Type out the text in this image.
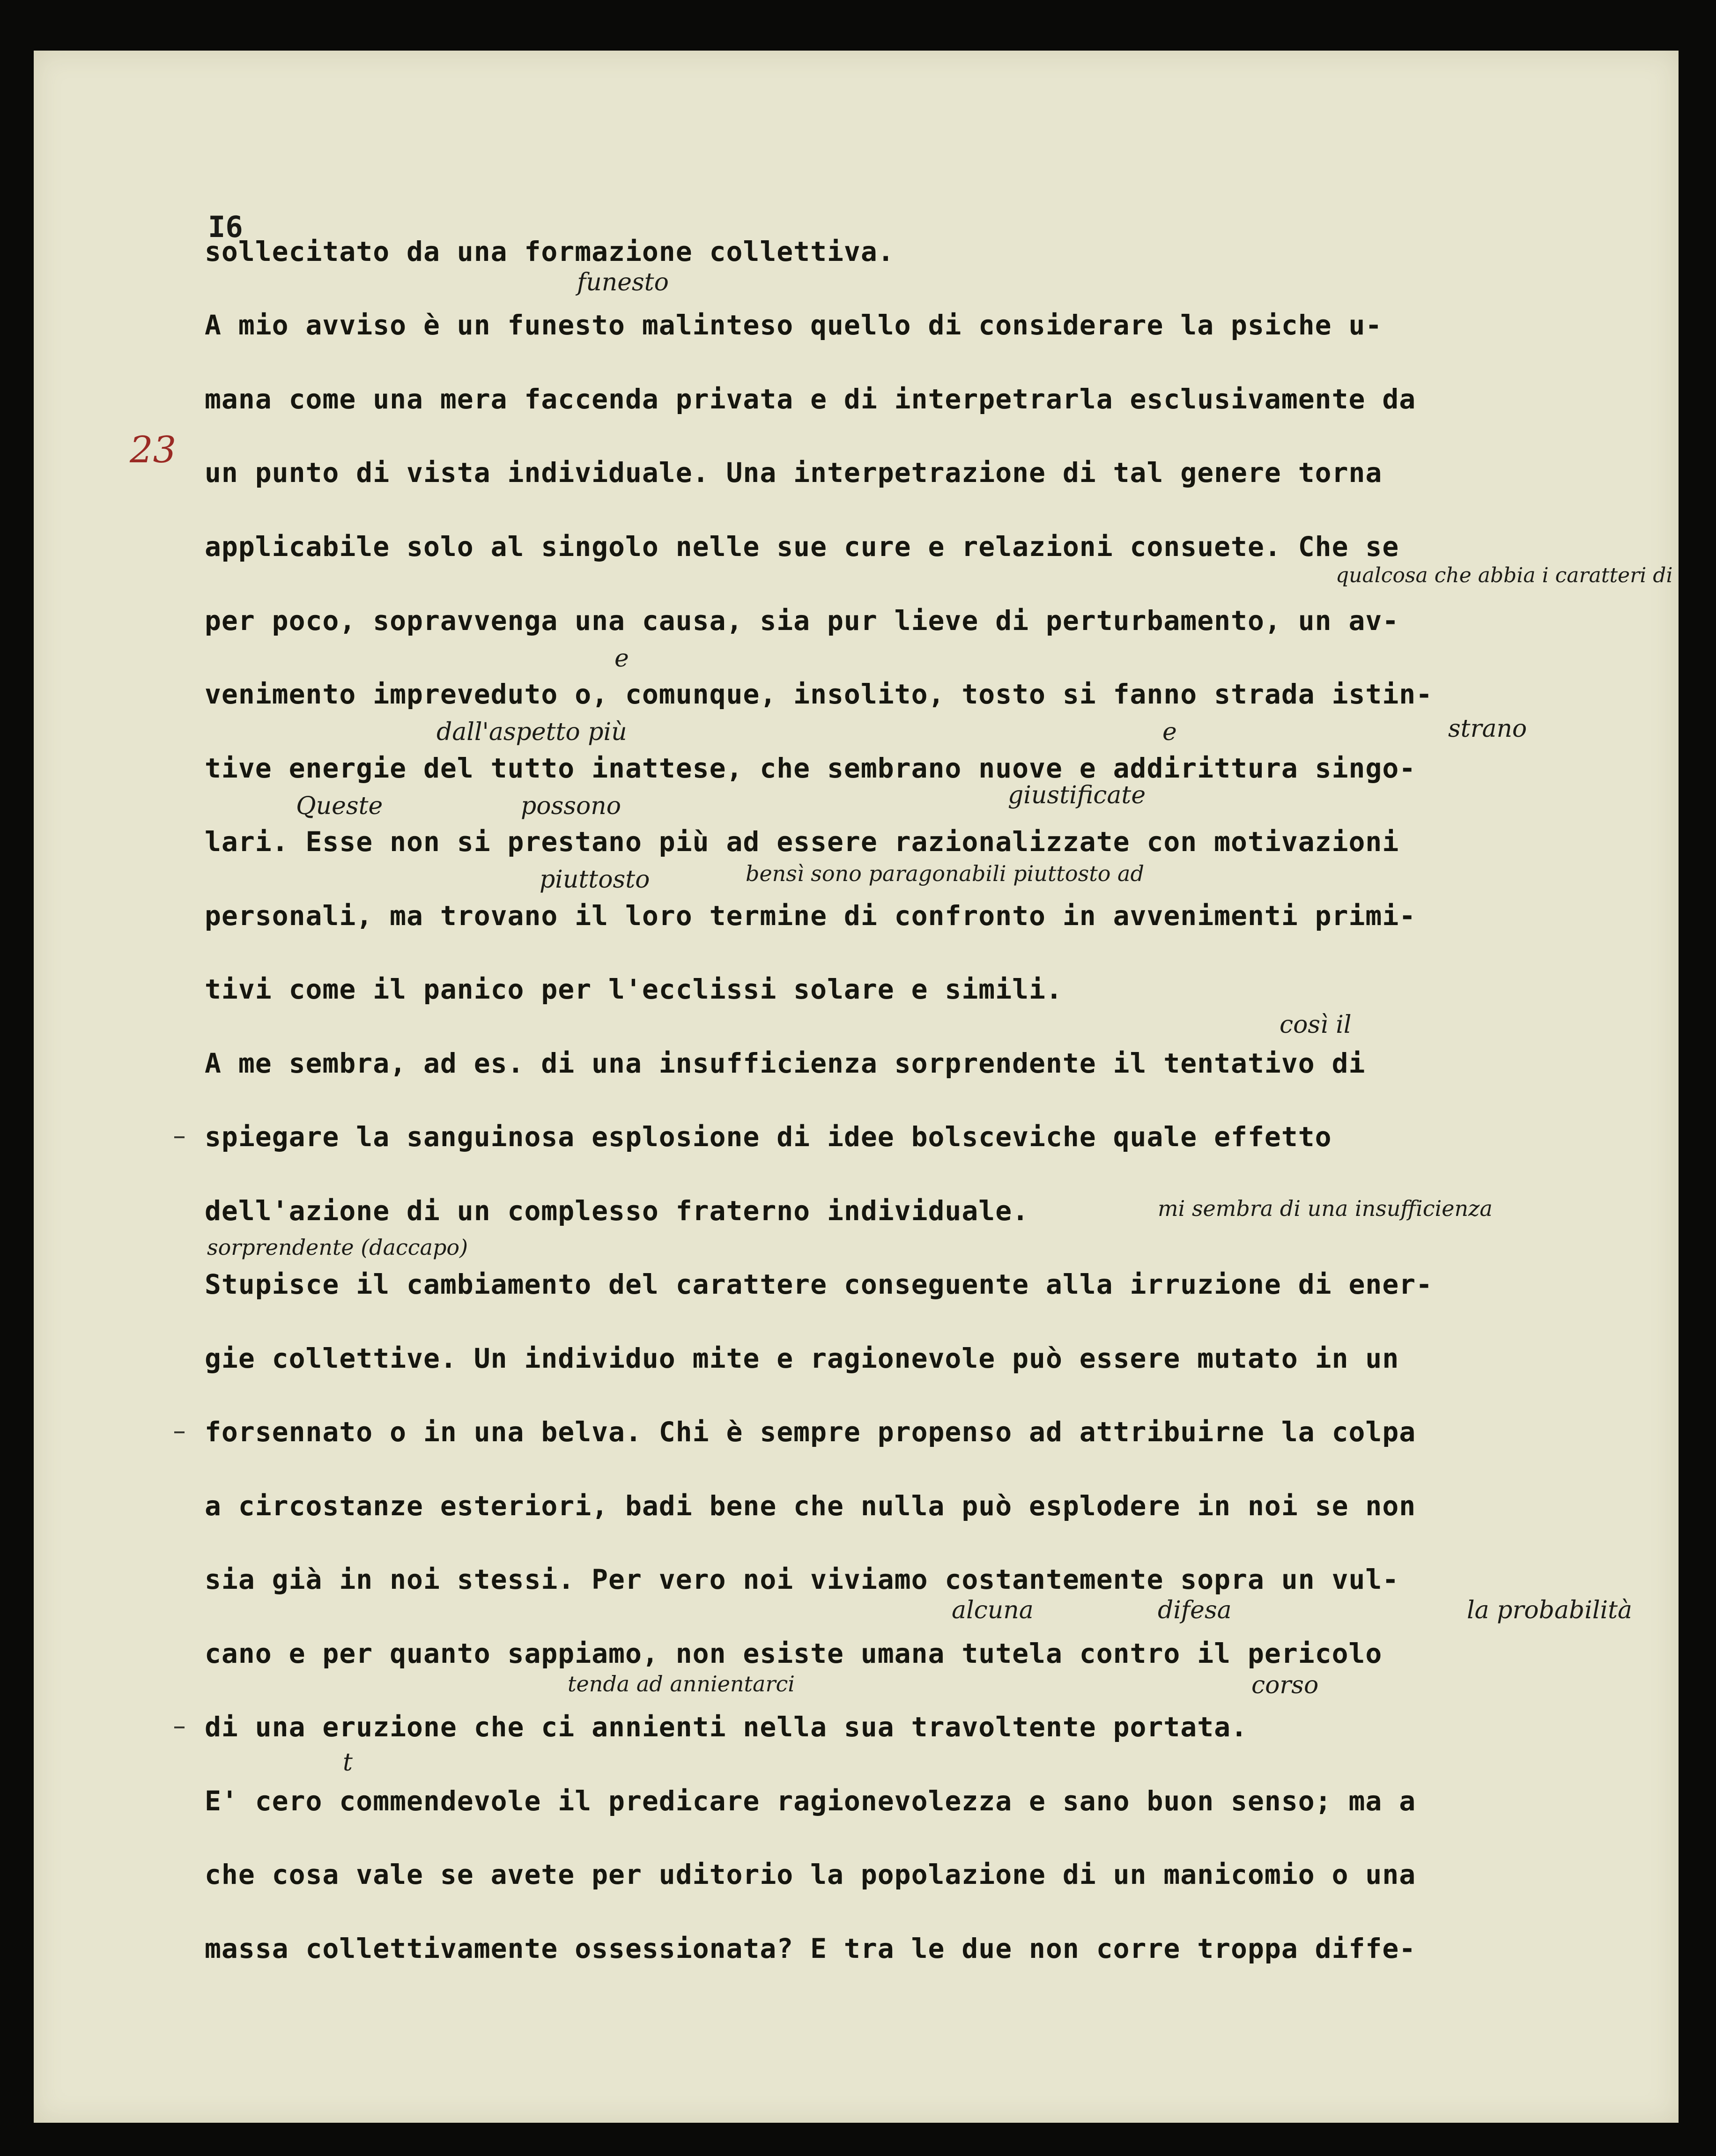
I6
23
sollecitato da una formazione collettiva.
A mio avviso è un funesto malinteso quello di considerare la psiche u-
mana come una mera faccenda privata e di interpetrarla esclusivamente da
un punto di vista individuale. Una interpetrazione di tal genere torna
applicabile solo al singolo nelle sue cure e relazioni consuete. Che se
per poco, sopravvenga una causa, sia pur lieve di perturbamento, un av-
venimento impreveduto o, comunque, insolito, tosto si fanno strada istin-
tive energie del tutto inattese, che sembrano nuove e addirittura singo-
lari. Esse non si prestano più ad essere razionalizzate con motivazioni
personali, ma trovano il loro termine di confronto in avvenimenti primi-
tivi come il panico per l'ecclissi solare e simili.
A me sembra, ad es. di una insufficienza sorprendente il tentativo di
spiegare la sanguinosa esplosione di idee bolsceviche quale effetto
dell'azione di un complesso fraterno individuale.
Stupisce il cambiamento del carattere conseguente alla irruzione di ener-
gie collettive. Un individuo mite e ragionevole può essere mutato in un
forsennato o in una belva. Chi è sempre propenso ad attribuirne la colpa
a circostanze esteriori, badi bene che nulla può esplodere in noi se non
sia già in noi stessi. Per vero noi viviamo costantemente sopra un vul-
cano e per quanto sappiamo, non esiste umana tutela contro il pericolo
di una eruzione che ci annienti nella sua travoltente portata.
E' cero commendevole il predicare ragionevolezza e sano buon senso; ma a
che cosa vale se avete per uditorio la popolazione di un manicomio o una
massa collettivamente ossessionata? E tra le due non corre troppa diffe-
funesto
qualcosa che abbia i caratteri di
e
dall'aspetto più	strano
e
Queste	possono	giustificate
piuttosto	bensì sono paragonabili piuttosto ad
così il
mi sembra di una insufficienza
sorprendente (daccapo)
alcuna	difesa	la probabilità
tenda ad annientarci	corso
t
